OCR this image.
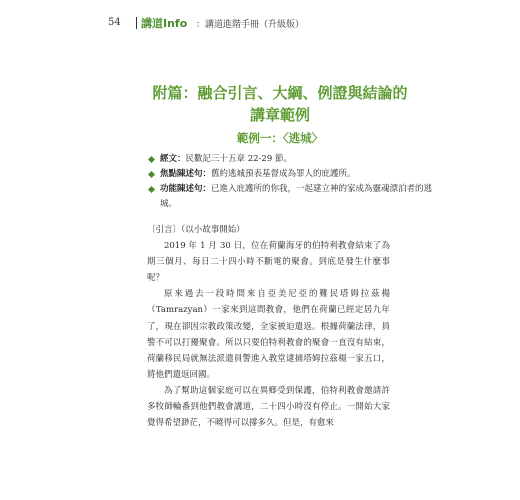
54 講道Info ：講道進階手冊（升級版）
附篇：融合引言、大綱、例證與結論的
講章範例
範例一：〈逃城〉
經文：民數記三十五章 22-29 節。
焦點陳述句：舊約逃城預表基督成為罪人的庇護所。
功能陳述句：已進入庇護所的你我，一起建立神的家成為靈魂漂泊者的逃城。

〔引言〕（以小故事開始）

2019 年 1 月 30 日，位在荷蘭海牙的伯特利教會結束了為期三個月、每日二十四小時不斷電的聚會。到底是發生什麼事呢？

原來過去一段時間來自亞美尼亞的難民塔姆拉茲楊（Tamrazyan）一家來到這間教會，他們在荷蘭已經定居九年了，現在卻因宗教政策改變，全家被迫遣返。根據荷蘭法律，員警不可以打擾聚會。所以只要伯特利教會的聚會一直沒有結束，荷蘭移民局就無法派遣員警進入教堂逮捕塔姆拉茲楊一家五口，將他們遣返回國。

為了幫助這個家庭可以在異鄉受到保護，伯特利教會邀請許多牧師輪番到他們教會講道，二十四小時沒有停止。一開始大家覺得希望渺茫，不曉得可以撐多久。但是，有愈來
